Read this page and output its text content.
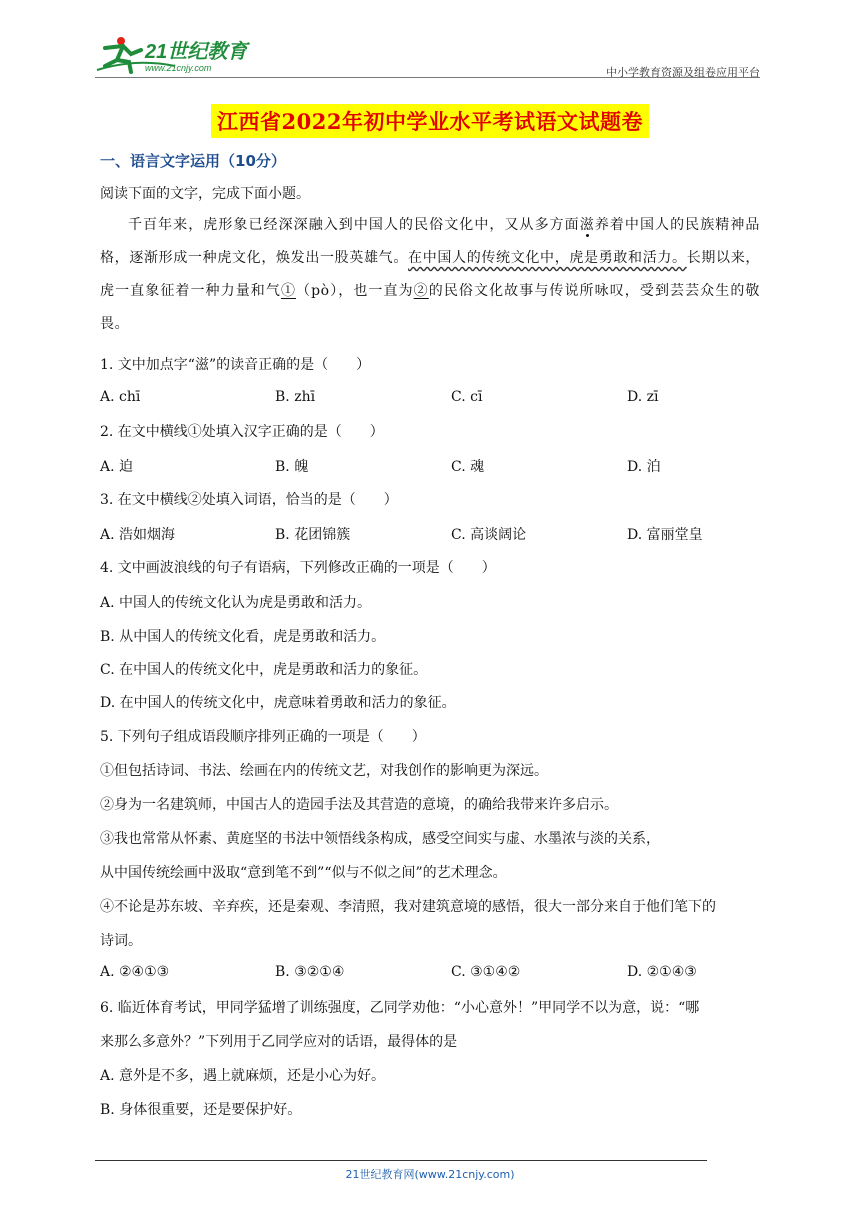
21世纪教育
www.21cnjy.com	中小学教育资源及组卷应用平台
江西省2022年初中学业水平考试语文试题卷
一、语言文字运用（10分）
阅读下面的文字，完成下面小题。
千百年来，虎形象已经深深融入到中国人的民俗文化中，又从多方面滋养着中国人的民族精神品格，逐渐形成一种虎文化，焕发出一股英雄气。在中国人的传统文化中，虎是勇敢和活力。长期以来，虎一直象征着一种力量和气①（pò），也一直为②的民俗文化故事与传说所咏叹，受到芸芸众生的敬畏。
1. 文中加点字“滋”的读音正确的是（　　）
A. chī	B. zhī	C. cī	D. zī
2. 在文中横线①处填入汉字正确的是（　　）
A. 迫	B. 魄	C. 魂	D. 泊
3. 在文中横线②处填入词语，恰当的是（　　）
A. 浩如烟海	B. 花团锦簇	C. 高谈阔论	D. 富丽堂皇
4. 文中画波浪线的句子有语病，下列修改正确的一项是（　　）
A. 中国人的传统文化认为虎是勇敢和活力。
B. 从中国人的传统文化看，虎是勇敢和活力。
C. 在中国人的传统文化中，虎是勇敢和活力的象征。
D. 在中国人的传统文化中，虎意味着勇敢和活力的象征。
5. 下列句子组成语段顺序排列正确的一项是（　　）
①但包括诗词、书法、绘画在内的传统文艺，对我创作的影响更为深远。
②身为一名建筑师，中国古人的造园手法及其营造的意境，的确给我带来许多启示。
③我也常常从怀素、黄庭坚的书法中领悟线条构成，感受空间实与虚、水墨浓与淡的关系，
从中国传统绘画中汲取“意到笔不到”“似与不似之间”的艺术理念。
④不论是苏东坡、辛弃疾，还是秦观、李清照，我对建筑意境的感悟，很大一部分来自于他们笔下的
诗词。
A. ②④①③	B. ③②①④	C. ③①④②	D. ②①④③
6. 临近体育考试，甲同学猛增了训练强度，乙同学劝他：“小心意外！”甲同学不以为意，说：“哪
来那么多意外？”下列用于乙同学应对的话语，最得体的是
A. 意外是不多，遇上就麻烦，还是小心为好。
B. 身体很重要，还是要保护好。
21世纪教育网(www.21cnjy.com)
